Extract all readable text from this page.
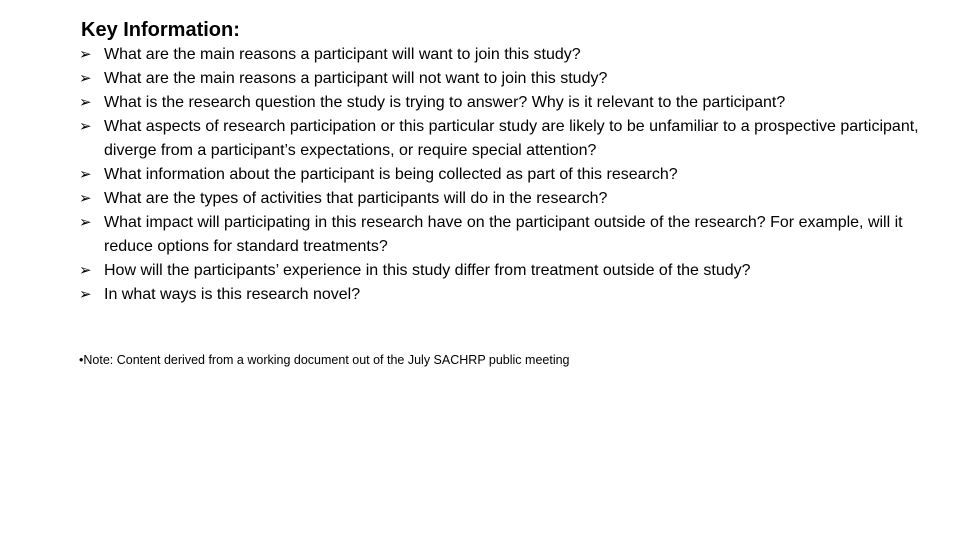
Key Information:
➢ What are the main reasons a participant will want to join this study?
➢ What are the main reasons a participant will not want to join this study?
➢ What is the research question the study is trying to answer? Why is it relevant to the participant?
➢ What aspects of research participation or this particular study are likely to be unfamiliar to a prospective participant, diverge from a participant’s expectations, or require special attention?
➢ What information about the participant is being collected as part of this research?
➢ What are the types of activities that participants will do in the research?
➢ What impact will participating in this research have on the participant outside of the research? For example, will it reduce options for standard treatments?
➢ How will the participants’ experience in this study differ from treatment outside of the study?
➢ In what ways is this research novel?
•Note: Content derived from a working document out of the July SACHRP public meeting
